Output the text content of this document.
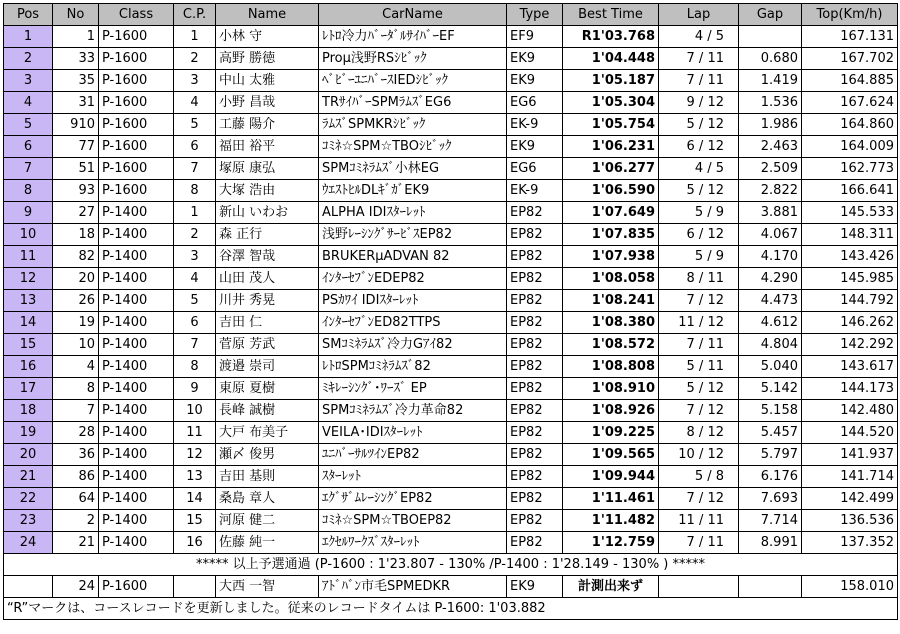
Pos	No	Class	C.P.	Name	CarName	Type	Best Time	Lap	Gap	Top(Km/h)
1	1	P-1600	1	小林 守	ﾚﾄﾛ冷力ﾊﾞｰﾀﾞﾙｻｲﾊﾞｰEF	EF9	R1'03.768	4 / 5		167.131
2	33	P-1600	2	高野 勝徳	Proμ浅野RSｼﾋﾞｯｸ	EK9	1'04.448	7 / 11	0.680	167.702
3	35	P-1600	3	中山 太雅	ﾍﾞﾋﾞｰﾕﾆﾊﾞｰｽIEDｼﾋﾞｯｸ	EK9	1'05.187	7 / 11	1.419	164.885
4	31	P-1600	4	小野 昌哉	TRｻｲﾊﾞｰSPMﾗﾑｽﾞEG6	EG6	1'05.304	9 / 12	1.536	167.624
5	910	P-1600	5	工藤 陽介	ﾗﾑｽﾞSPMKRｼﾋﾞｯｸ	EK-9	1'05.754	5 / 12	1.986	164.860
6	77	P-1600	6	福田 裕平	ｺﾐﾈ☆SPM☆TBOｼﾋﾞｯｸ	EK9	1'06.231	6 / 12	2.463	164.009
7	51	P-1600	7	塚原 康弘	SPMｺﾐﾈﾗﾑｽﾞ小林EG	EG6	1'06.277	4 / 5	2.509	162.773
8	93	P-1600	8	大塚 浩由	ｳｴｽﾄﾋﾙDLｷﾞｶﾞEK9	EK-9	1'06.590	5 / 12	2.822	166.641
9	27	P-1400	1	新山 いわお	ALPHA IDIｽﾀｰﾚｯﾄ	EP82	1'07.649	5 / 9	3.881	145.533
10	18	P-1400	2	森 正行	浅野ﾚｰｼﾝｸﾞｻｰﾋﾞｽEP82	EP82	1'07.835	6 / 12	4.067	148.311
11	82	P-1400	3	谷澤 智哉	BRUKERμADVAN 82	EP82	1'07.938	5 / 9	4.170	143.426
12	20	P-1400	4	山田 茂人	ｲﾝﾀｰｾﾌﾞﾝEDEP82	EP82	1'08.058	8 / 11	4.290	145.985
13	26	P-1400	5	川井 秀晃	PSｶﾜｲ IDIｽﾀｰﾚｯﾄ	EP82	1'08.241	7 / 12	4.473	144.792
14	19	P-1400	6	吉田 仁	ｲﾝﾀｰｾﾌﾞﾝED82TTPS	EP82	1'08.380	11 / 12	4.612	146.262
15	10	P-1400	7	菅原 芳武	SMｺﾐﾈﾗﾑｽﾞ冷力Gｱｲ82	EP82	1'08.572	7 / 11	4.804	142.292
16	4	P-1400	8	渡邉 崇司	ﾚﾄﾛSPMｺﾐﾈﾗﾑｽﾞ82	EP82	1'08.808	5 / 11	5.040	143.617
17	8	P-1400	9	東原 夏樹	ﾐｷﾚｰｼﾝｸﾞ･ﾜｰｽﾞ EP	EP82	1'08.910	5 / 12	5.142	144.173
18	7	P-1400	10	長峰 誠樹	SPMｺﾐﾈﾗﾑｽﾞ冷力革命82	EP82	1'08.926	7 / 12	5.158	142.480
19	28	P-1400	11	大戸 布美子	VEILA･IDIｽﾀｰﾚｯﾄ	EP82	1'09.225	8 / 12	5.457	144.520
20	36	P-1400	12	瀬〆 俊男	ﾕﾆﾊﾞｰｻﾙﾂｲﾝEP82	EP82	1'09.565	10 / 12	5.797	141.937
21	86	P-1400	13	吉田 基則	ｽﾀｰﾚｯﾄ	EP82	1'09.944	5 / 8	6.176	141.714
22	64	P-1400	14	桑島 章人	ｴｸﾞｻﾞﾑﾚｰｼﾝｸﾞEP82	EP82	1'11.461	7 / 12	7.693	142.499
23	2	P-1400	15	河原 健二	ｺﾐﾈ☆SPM☆TBOEP82	EP82	1'11.482	11 / 11	7.714	136.536
24	21	P-1400	16	佐藤 純一	ｴｸｾﾙﾜｰｸｽﾞｽﾀｰﾚｯﾄ	EP82	1'12.759	7 / 11	8.991	137.352
***** 以上予選通過 (P-1600 : 1'23.807 - 130% /P-1400 : 1'28.149 - 130% ) *****										
	24	P-1600		大西 一智	ｱﾄﾞﾊﾞﾝ市毛SPMEDKR	EK9	計測出来ず			158.010
“R”マークは、コースレコードを更新しました。従来のレコードタイムは P-1600: 1'03.882										
